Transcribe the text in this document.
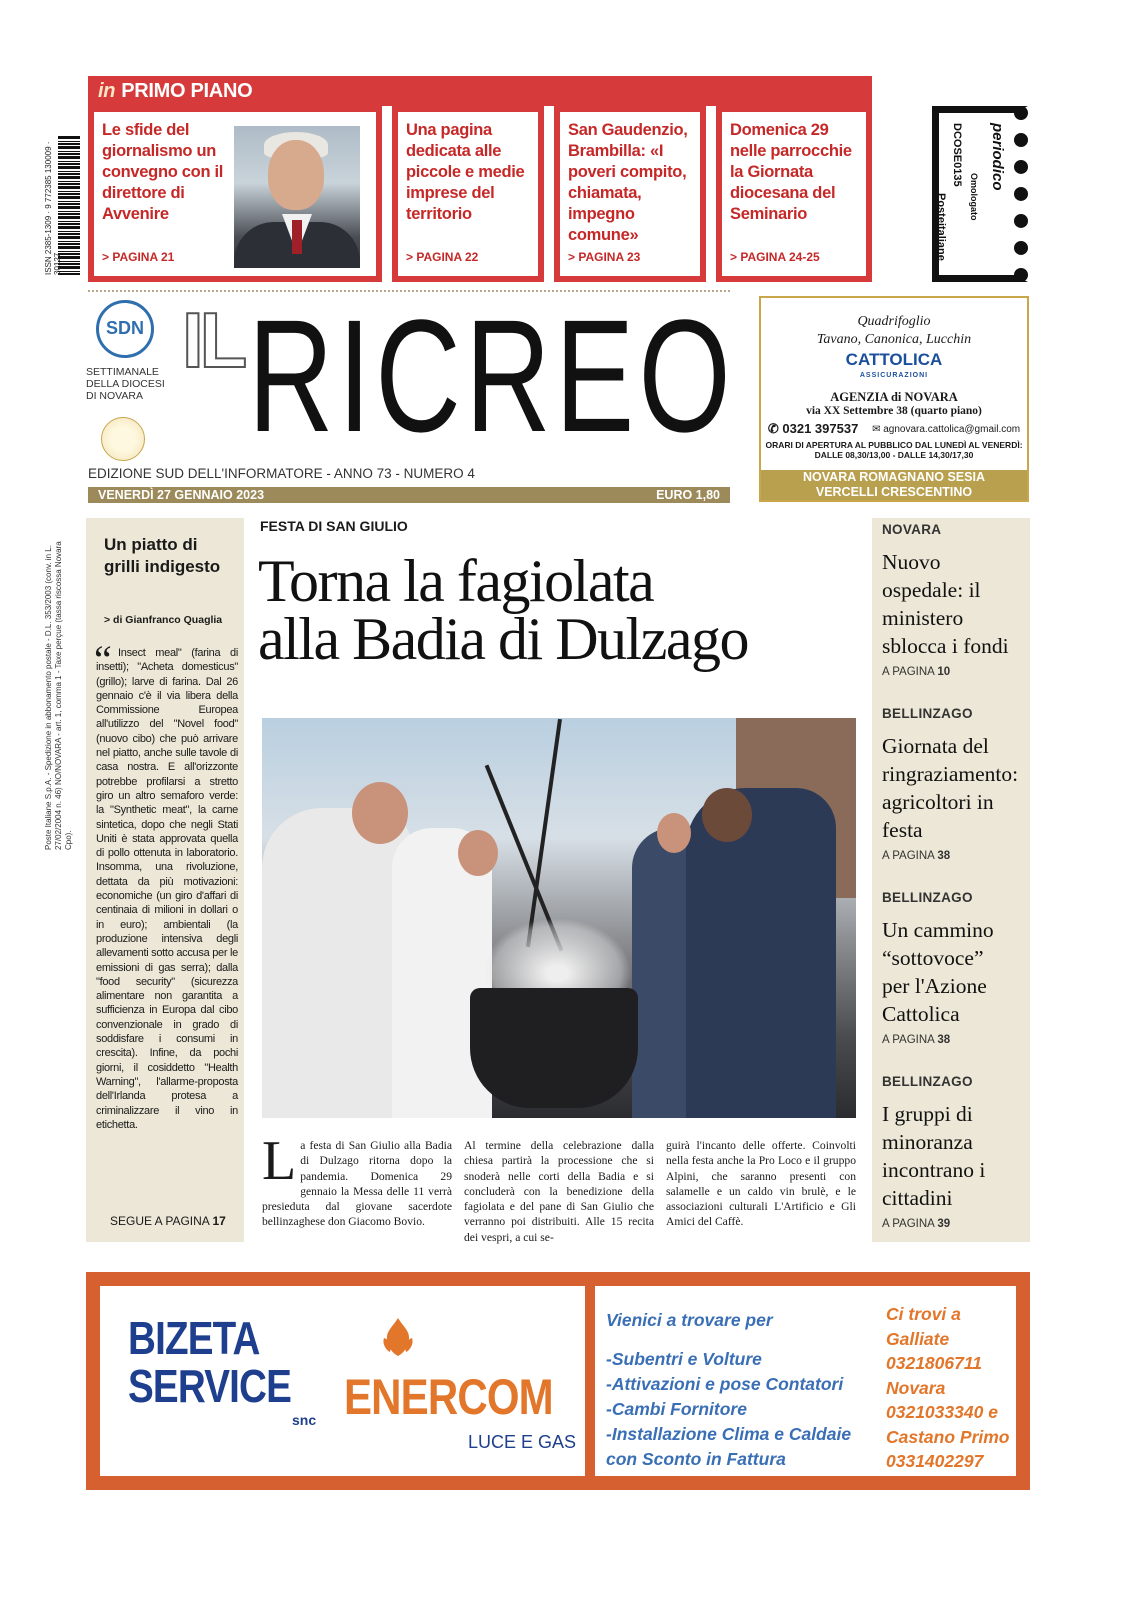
in PRIMO PIANO
Le sfide del giornalismo un convegno con il direttore di Avvenire
> PAGINA 21
Una pagina dedicata alle piccole e medie imprese del territorio
> PAGINA 22
San Gaudenzio, Brambilla: «I poveri compito, chiamata, impegno comune»
> PAGINA 23
Domenica 29 nelle parrocchie la Giornata diocesana del Seminario
> PAGINA 24-25
periodico
Omologato
DCOSE0135
Posteitaliane
ISSN 2385-1309 · 9 772385 130009 · 30127
SDN
SETTIMANALE DELLA DIOCESI DI NOVARA
IL RICREO
EDIZIONE SUD DELL'INFORMATORE - ANNO 73 - NUMERO 4
VENERDÌ 27 GENNAIO 2023	EURO 1,80
Quadrifoglio
Tavano, Canonica, Lucchin
CATTOLICA
ASSICURAZIONI
AGENZIA di NOVARA
via XX Settembre 38 (quarto piano)
✆ 0321 397537 ✉ agnovara.cattolica@gmail.com
ORARI DI APERTURA AL PUBBLICO DAL LUNEDÌ AL VENERDÌ: DALLE 08,30/13,00 - DALLE 14,30/17,30
NOVARA ROMAGNANO SESIA
VERCELLI CRESCENTINO
Poste Italiane S.p.A. - Spedizione in abbonamento postale - D.L. 353/2003 (conv. in L. 27/02/2004 n. 46) NO/NOVARA - art. 1, comma 1 - Taxe perçue (tassa riscossa Novara Cpo).
Un piatto di grilli indigesto
> di Gianfranco Quaglia
“ Insect meal" (farina di insetti); "Acheta domesticus" (grillo); larve di farina. Dal 26 gennaio c'è il via libera della Commissione Europea all'utilizzo del "Novel food" (nuovo cibo) che può arrivare nel piatto, anche sulle tavole di casa nostra. E all'orizzonte potrebbe profilarsi a stretto giro un altro semaforo verde: la "Synthetic meat", la carne sintetica, dopo che negli Stati Uniti è stata approvata quella di pollo ottenuta in laboratorio. Insomma, una rivoluzione, dettata da più motivazioni: economiche (un giro d'affari di centinaia di milioni in dollari o in euro); ambientali (la produzione intensiva degli allevamenti sotto accusa per le emissioni di gas serra); dalla "food security" (sicurezza alimentare non garantita a sufficienza in Europa dal cibo convenzionale in grado di soddisfare i consumi in crescita). Infine, da pochi giorni, il cosiddetto "Health Warning", l'allarme-proposta dell'Irlanda protesa a criminalizzare il vino in etichetta.
SEGUE A PAGINA 17
FESTA DI SAN GIULIO
Torna la fagiolata
alla Badia di Dulzago
La festa di San Giulio alla Badia di Dulzago ritorna dopo la pandemia. Domenica 29 gennaio la Messa delle 11 verrà presieduta dal giovane sacerdote bellinzaghese don Giacomo Bovio.
Al termine della celebrazione dalla chiesa partirà la processione che si snoderà nelle corti della Badia e si concluderà con la benedizione della fagiolata e del pane di San Giulio che verranno poi distribuiti. Alle 15 recita dei vespri, a cui se-
guirà l'incanto delle offerte. Coinvolti nella festa anche la Pro Loco e il gruppo Alpini, che saranno presenti con salamelle e un caldo vin brulè, e le associazioni culturali L'Artificio e Gli Amici del Caffè.
NOVARA
Nuovo ospedale: il ministero sblocca i fondi
A PAGINA 10
BELLINZAGO
Giornata del ringraziamento: agricoltori in festa
A PAGINA 38
BELLINZAGO
Un cammino “sottovoce” per l'Azione Cattolica
A PAGINA 38
BELLINZAGO
I gruppi di minoranza incontrano i cittadini
A PAGINA 39
BIZETA
SERVICE
snc ENERCOM
LUCE E GAS
Vienici a trovare per
-Subentri e Volture
-Attivazioni e pose Contatori
-Cambi Fornitore
-Installazione Clima e Caldaie
con Sconto in Fattura
Ci trovi a
Galliate
0321806711
Novara
0321033340 e
Castano Primo
0331402297
